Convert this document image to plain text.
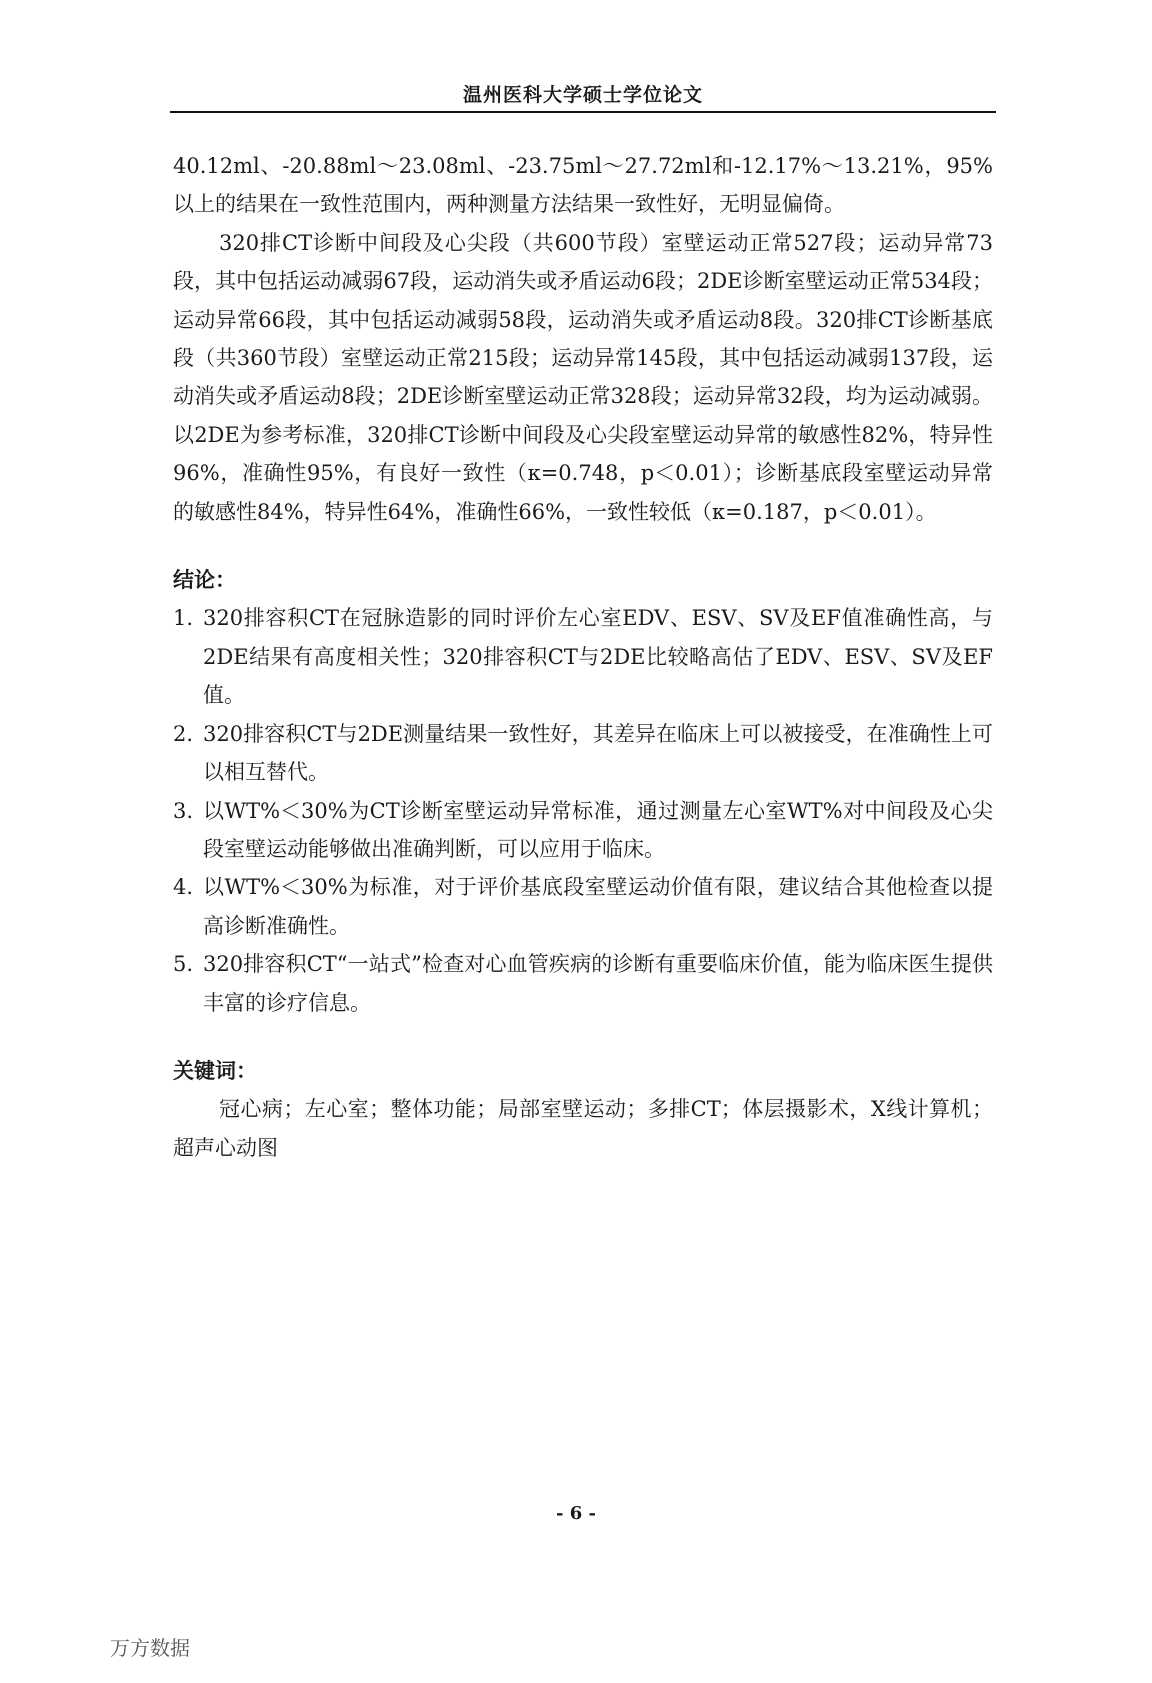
温州医科大学硕士学位论文

40.12ml、-20.88ml～23.08ml、-23.75ml～27.72ml和-12.17%～13.21%，95%以上的结果在一致性范围内，两种测量方法结果一致性好，无明显偏倚。

320排CT诊断中间段及心尖段（共600节段）室壁运动正常527段；运动异常73段，其中包括运动减弱67段，运动消失或矛盾运动6段；2DE诊断室壁运动正常534段；运动异常66段，其中包括运动减弱58段，运动消失或矛盾运动8段。320排CT诊断基底段（共360节段）室壁运动正常215段；运动异常145段，其中包括运动减弱137段，运动消失或矛盾运动8段；2DE诊断室壁运动正常328段；运动异常32段，均为运动减弱。以2DE为参考标准，320排CT诊断中间段及心尖段室壁运动异常的敏感性82%，特异性96%，准确性95%，有良好一致性（κ=0.748，p＜0.01）；诊断基底段室壁运动异常的敏感性84%，特异性64%，准确性66%，一致性较低（κ=0.187，p＜0.01）。

结论：

1. 320排容积CT在冠脉造影的同时评价左心室EDV、ESV、SV及EF值准确性高，与2DE结果有高度相关性；320排容积CT与2DE比较略高估了EDV、ESV、SV及EF值。
2. 320排容积CT与2DE测量结果一致性好，其差异在临床上可以被接受，在准确性上可以相互替代。
3. 以WT%＜30%为CT诊断室壁运动异常标准，通过测量左心室WT%对中间段及心尖段室壁运动能够做出准确判断，可以应用于临床。
4. 以WT%＜30%为标准，对于评价基底段室壁运动价值有限，建议结合其他检查以提高诊断准确性。
5. 320排容积CT“一站式”检查对心血管疾病的诊断有重要临床价值，能为临床医生提供丰富的诊疗信息。

关键词：

冠心病；左心室；整体功能；局部室壁运动；多排CT；体层摄影术，X线计算机；超声心动图

- 6 -
万方数据
